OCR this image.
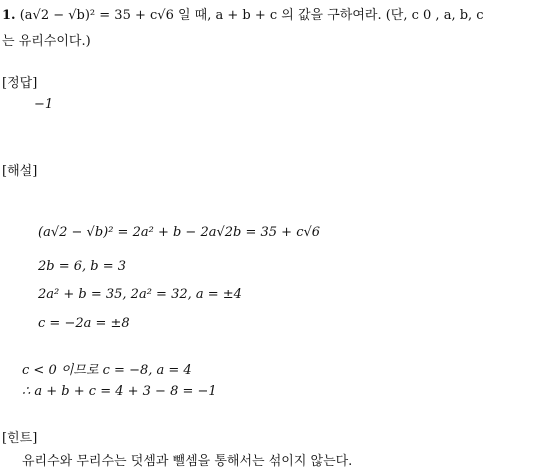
1. (a√2 − √b)² = 35 + c√6 일 때, a + b + c 의 값을 구하여라. (단, c 0 , a, b, c
는 유리수이다.)
[정답]
−1
[해설]
(a√2 − √b)² = 2a² + b − 2a√2b = 35 + c√6
2b = 6, b = 3
2a² + b = 35, 2a² = 32, a = ±4
c = −2a = ±8
c < 0 이므로 c = −8, a = 4
∴ a + b + c = 4 + 3 − 8 = −1
[힌트]
유리수와 무리수는 덧셈과 뺄셈을 통해서는 섞이지 않는다.
